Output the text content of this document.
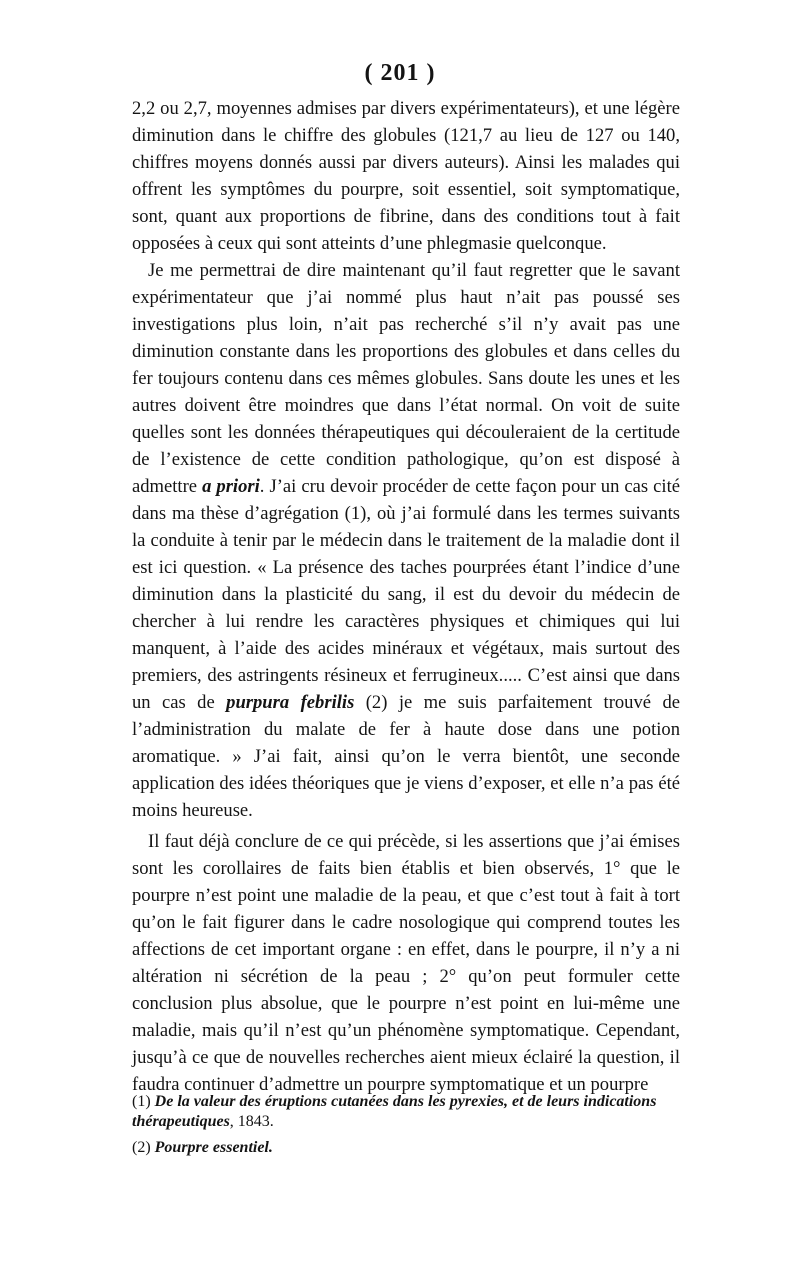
( 201 )

2,2 ou 2,7, moyennes admises par divers expérimentateurs), et une légère diminution dans le chiffre des globules (121,7 au lieu de 127 ou 140, chiffres moyens donnés aussi par divers auteurs). Ainsi les malades qui offrent les symptômes du pourpre, soit essentiel, soit symptomatique, sont, quant aux proportions de fibrine, dans des conditions tout à fait opposées à ceux qui sont atteints d’une phlegmasie quelconque.

Je me permettrai de dire maintenant qu’il faut regretter que le savant expérimentateur que j’ai nommé plus haut n’ait pas poussé ses investigations plus loin, n’ait pas recherché s’il n’y avait pas une diminution constante dans les proportions des globules et dans celles du fer toujours contenu dans ces mêmes globules. Sans doute les unes et les autres doivent être moindres que dans l’état normal. On voit de suite quelles sont les données thérapeutiques qui découleraient de la certitude de l’existence de cette condition pathologique, qu’on est disposé à admettre a priori. J’ai cru devoir procéder de cette façon pour un cas cité dans ma thèse d’agrégation (1), où j’ai formulé dans les termes suivants la conduite à tenir par le médecin dans le traitement de la maladie dont il est ici question. « La présence des taches pourprées étant l’indice d’une diminution dans la plasticité du sang, il est du devoir du médecin de chercher à lui rendre les caractères physiques et chimiques qui lui manquent, à l’aide des acides minéraux et végétaux, mais surtout des premiers, des astringents résineux et ferrugineux..... C’est ainsi que dans un cas de purpura febrilis (2) je me suis parfaitement trouvé de l’administration du malate de fer à haute dose dans une potion aromatique. » J’ai fait, ainsi qu’on le verra bientôt, une seconde application des idées théoriques que je viens d’exposer, et elle n’a pas été moins heureuse.

Il faut déjà conclure de ce qui précède, si les assertions que j’ai émises sont les corollaires de faits bien établis et bien observés, 1° que le pourpre n’est point une maladie de la peau, et que c’est tout à fait à tort qu’on le fait figurer dans le cadre nosologique qui comprend toutes les affections de cet important organe : en effet, dans le pourpre, il n’y a ni altération ni sécrétion de la peau ; 2° qu’on peut formuler cette conclusion plus absolue, que le pourpre n’est point en lui-même une maladie, mais qu’il n’est qu’un phénomène symptomatique. Cependant, jusqu’à ce que de nouvelles recherches aient mieux éclairé la question, il faudra continuer d’admettre un pourpre symptomatique et un pourpre

(1) De la valeur des éruptions cutanées dans les pyrexies, et de leurs indications thérapeutiques, 1843.

(2) Pourpre essentiel.
